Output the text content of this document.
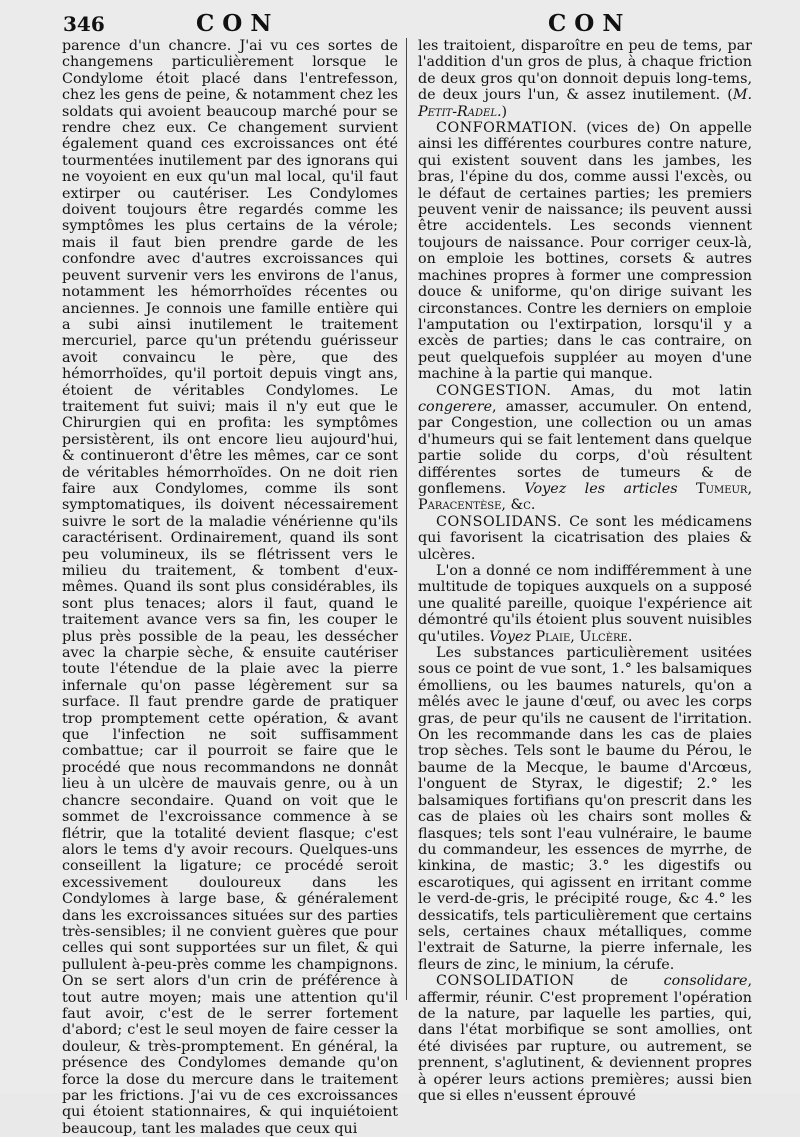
346	CON	CON

parence d'un chancre. J'ai vu ces sortes de changemens particulièrement lorsque le Condylome étoit placé dans l'entrefesson, chez les gens de peine, & notamment chez les soldats qui avoient beaucoup marché pour se rendre chez eux. Ce changement survient également quand ces excroissances ont été tourmentées inutilement par des ignorans qui ne voyoient en eux qu'un mal local, qu'il faut extirper ou cautériser. Les Condylomes doivent toujours être regardés comme les symptômes les plus certains de la vérole; mais il faut bien prendre garde de les confondre avec d'autres excroissances qui peuvent survenir vers les environs de l'anus, notamment les hémorrhoïdes récentes ou anciennes. Je connois une famille entière qui a subi ainsi inutilement le traitement mercuriel, parce qu'un prétendu guérisseur avoit convaincu le père, que des hémorrhoïdes, qu'il portoit depuis vingt ans, étoient de véritables Condylomes. Le traitement fut suivi; mais il n'y eut que le Chirurgien qui en profita: les symptômes persistèrent, ils ont encore lieu aujourd'hui, & continueront d'être les mêmes, car ce sont de véritables hémorrhoïdes. On ne doit rien faire aux Condylomes, comme ils sont symptomatiques, ils doivent nécessairement suivre le sort de la maladie vénérienne qu'ils caractérisent. Ordinairement, quand ils sont peu volumineux, ils se flétrissent vers le milieu du traitement, & tombent d'eux-mêmes. Quand ils sont plus considérables, ils sont plus tenaces; alors il faut, quand le traitement avance vers sa fin, les couper le plus près possible de la peau, les dessécher avec la charpie sèche, & ensuite cautériser toute l'étendue de la plaie avec la pierre infernale qu'on passe légèrement sur sa surface. Il faut prendre garde de pratiquer trop promptement cette opération, & avant que l'infection ne soit suffisamment combattue; car il pourroit se faire que le procédé que nous recommandons ne donnât lieu à un ulcère de mauvais genre, ou à un chancre secondaire. Quand on voit que le sommet de l'excroissance commence à se flétrir, que la totalité devient flasque; c'est alors le tems d'y avoir recours. Quelques-uns conseillent la ligature; ce procédé seroit excessivement douloureux dans les Condylomes à large base, & généralement dans les excroissances situées sur des parties très-sensibles; il ne convient guères que pour celles qui sont supportées sur un filet, & qui pullulent à-peu-près comme les champignons. On se sert alors d'un crin de préférence à tout autre moyen; mais une attention qu'il faut avoir, c'est de le serrer fortement d'abord; c'est le seul moyen de faire cesser la douleur, & très-promptement. En général, la présence des Condylomes demande qu'on force la dose du mercure dans le traitement par les frictions. J'ai vu de ces excroissances qui étoient stationnaires, & qui inquiétoient beaucoup, tant les malades que ceux qui

les traitoient, disparoître en peu de tems, par l'addition d'un gros de plus, à chaque friction de deux gros qu'on donnoit depuis long-tems, de deux jours l'un, & assez inutilement. (M. Petit-Radel.)

CONFORMATION. (vices de) On appelle ainsi les différentes courbures contre nature, qui existent souvent dans les jambes, les bras, l'épine du dos, comme aussi l'excès, ou le défaut de certaines parties; les premiers peuvent venir de naissance; ils peuvent aussi être accidentels. Les seconds viennent toujours de naissance. Pour corriger ceux-là, on emploie les bottines, corsets & autres machines propres à former une compression douce & uniforme, qu'on dirige suivant les circonstances. Contre les derniers on emploie l'amputation ou l'extirpation, lorsqu'il y a excès de parties; dans le cas contraire, on peut quelquefois suppléer au moyen d'une machine à la partie qui manque.

CONGESTION. Amas, du mot latin congerere, amasser, accumuler. On entend, par Congestion, une collection ou un amas d'humeurs qui se fait lentement dans quelque partie solide du corps, d'où résultent différentes sortes de tumeurs & de gonflemens. Voyez les articles Tumeur, Paracentèse, &c.

CONSOLIDANS. Ce sont les médicamens qui favorisent la cicatrisation des plaies & ulcères.

L'on a donné ce nom indifféremment à une multitude de topiques auxquels on a supposé une qualité pareille, quoique l'expérience ait démontré qu'ils étoient plus souvent nuisibles qu'utiles. Voyez Plaie, Ulcère.

Les substances particulièrement usitées sous ce point de vue sont, 1.° les balsamiques émolliens, ou les baumes naturels, qu'on a mêlés avec le jaune d'œuf, ou avec les corps gras, de peur qu'ils ne causent de l'irritation. On les recommande dans les cas de plaies trop sèches. Tels sont le baume du Pérou, le baume de la Mecque, le baume d'Arcœus, l'onguent de Styrax, le digestif; 2.° les balsamiques fortifians qu'on prescrit dans les cas de plaies où les chairs sont molles & flasques; tels sont l'eau vulnéraire, le baume du commandeur, les essences de myrrhe, de kinkina, de mastic; 3.° les digestifs ou escarotiques, qui agissent en irritant comme le verd-de-gris, le précipité rouge, &c 4.° les dessicatifs, tels particulièrement que certains sels, certaines chaux métalliques, comme l'extrait de Saturne, la pierre infernale, les fleurs de zinc, le minium, la cérufe.

CONSOLIDATION de consolidare, affermir, réunir. C'est proprement l'opération de la nature, par laquelle les parties, qui, dans l'état morbifique se sont amollies, ont été divisées par rupture, ou autrement, se prennent, s'aglutinent, & deviennent propres à opérer leurs actions premières; aussi bien que si elles n'eussent éprouvé
